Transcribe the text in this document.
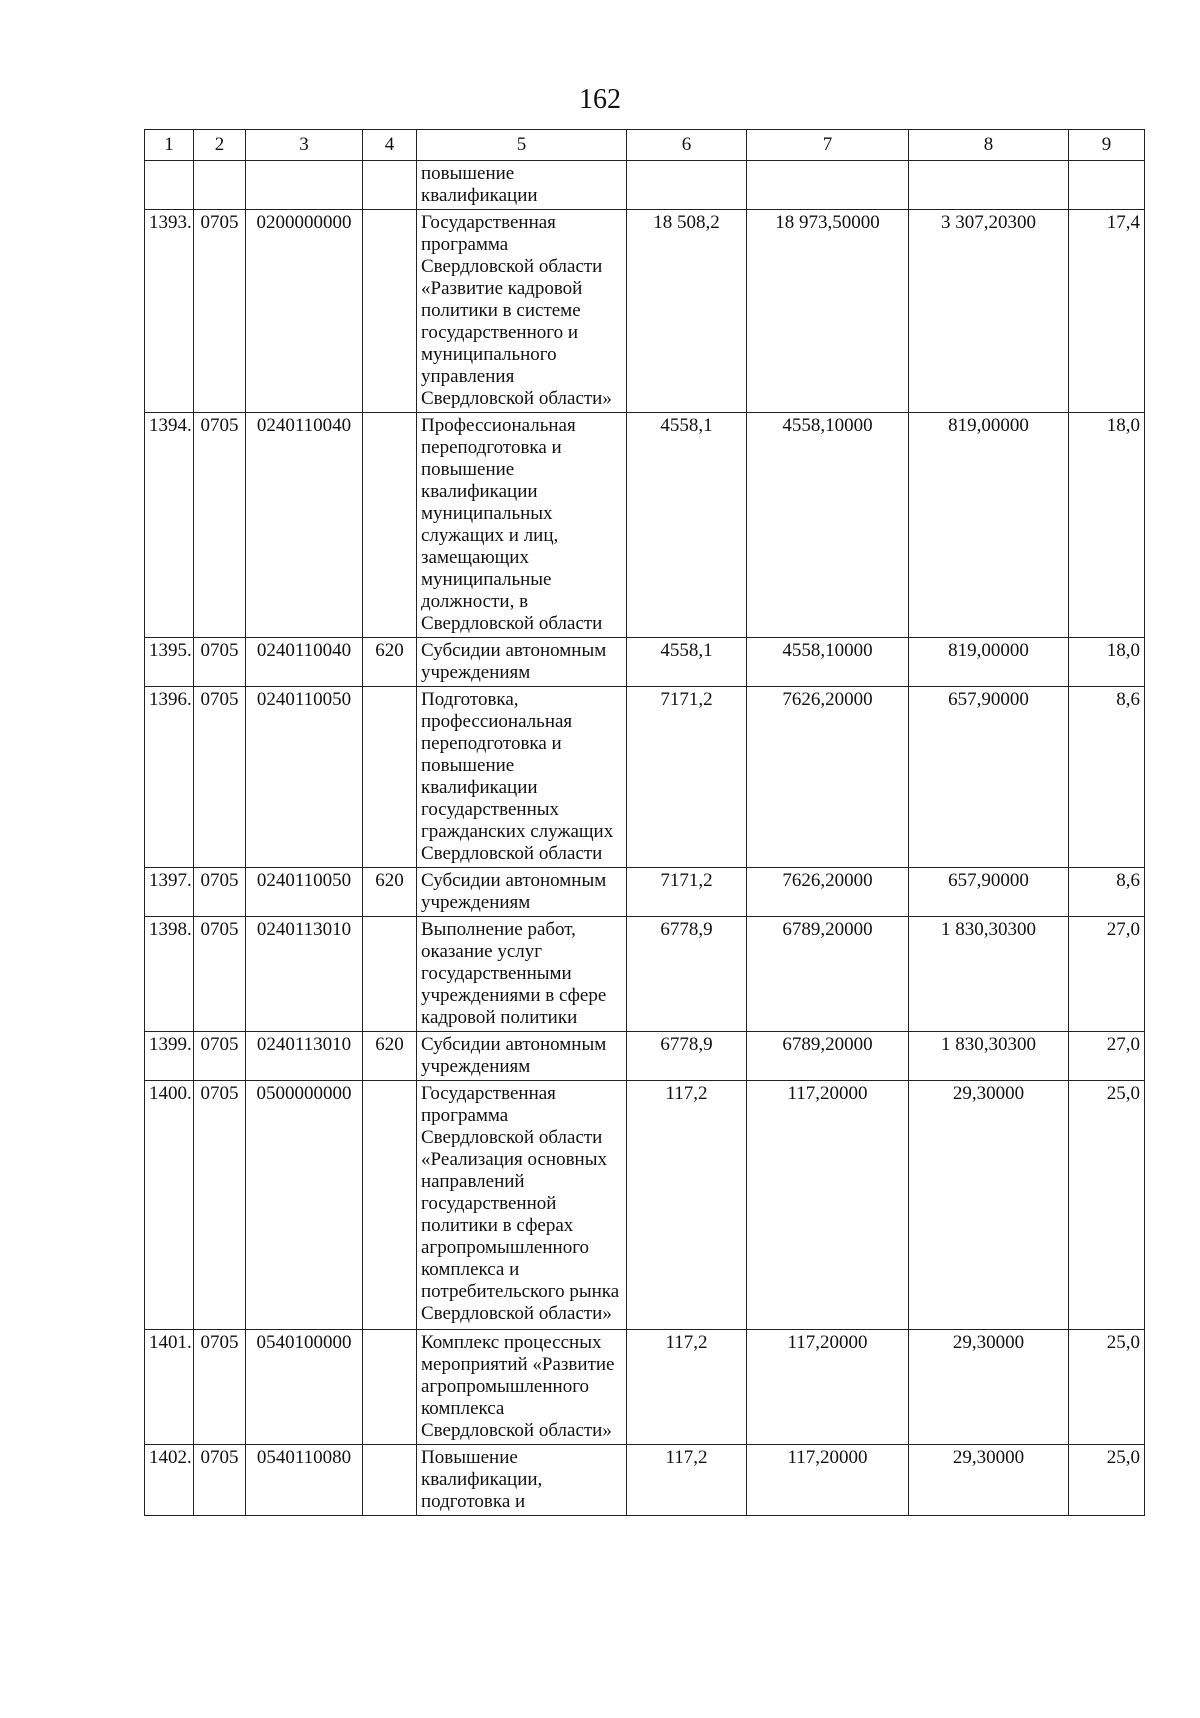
162
1	2	3	4	5	6	7	8	9
				повышение квалификации				
1393.	0705	0200000000		Государственная программа Свердловской области «Развитие кадровой политики в системе государственного и муниципального управления Свердловской области»	18 508,2	18 973,50000	3 307,20300	17,4
1394.	0705	0240110040		Профессиональная переподготовка и повышение квалификации муниципальных служащих и лиц, замещающих муниципальные должности, в Свердловской области	4558,1	4558,10000	819,00000	18,0
1395.	0705	0240110040	620	Субсидии автономным учреждениям	4558,1	4558,10000	819,00000	18,0
1396.	0705	0240110050		Подготовка, профессиональная переподготовка и повышение квалификации государственных гражданских служащих Свердловской области	7171,2	7626,20000	657,90000	8,6
1397.	0705	0240110050	620	Субсидии автономным учреждениям	7171,2	7626,20000	657,90000	8,6
1398.	0705	0240113010		Выполнение работ, оказание услуг государственными учреждениями в сфере кадровой политики	6778,9	6789,20000	1 830,30300	27,0
1399.	0705	0240113010	620	Субсидии автономным учреждениям	6778,9	6789,20000	1 830,30300	27,0
1400.	0705	0500000000		Государственная программа Свердловской области «Реализация основных направлений государственной политики в сферах агропромышленного комплекса и потребительского рынка Свердловской области»	117,2	117,20000	29,30000	25,0
1401.	0705	0540100000		Комплекс процессных мероприятий «Развитие агропромышленного комплекса Свердловской области»	117,2	117,20000	29,30000	25,0
1402.	0705	0540110080		Повышение квалификации, подготовка и	117,2	117,20000	29,30000	25,0
